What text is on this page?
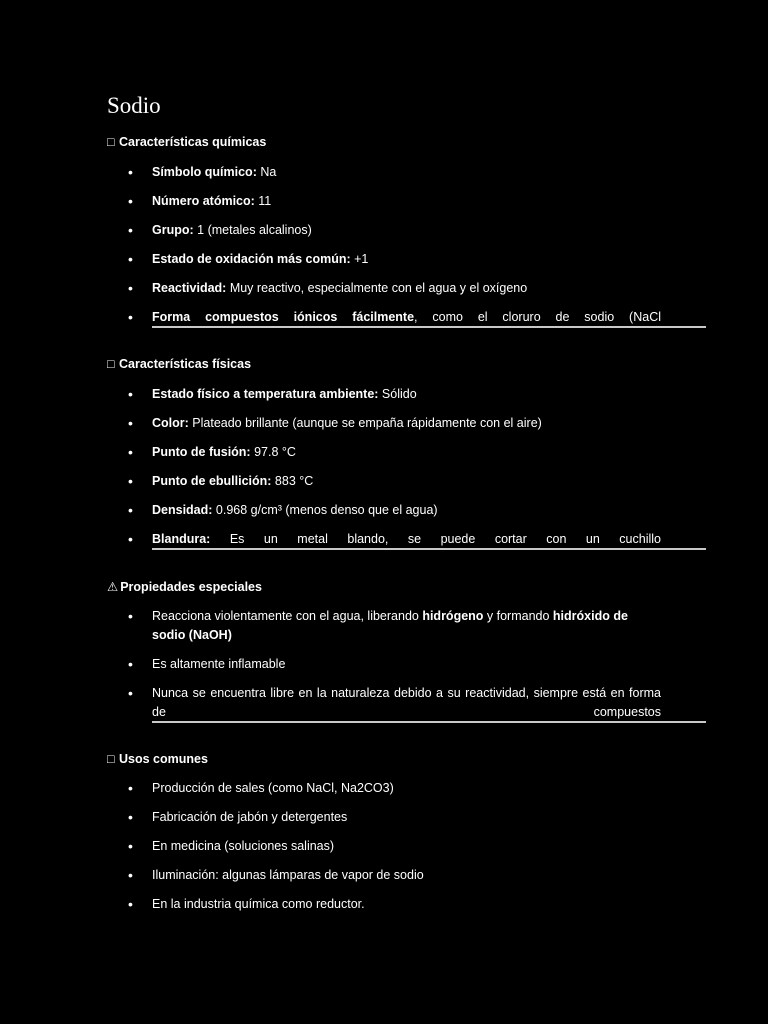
Sodio
□ Características químicas
• Símbolo químico: Na
• Número atómico: 11
• Grupo: 1 (metales alcalinos)
• Estado de oxidación más común: +1
• Reactividad: Muy reactivo, especialmente con el agua y el oxígeno
• Forma compuestos iónicos fácilmente, como el cloruro de sodio (NaCl
□ Características físicas
• Estado físico a temperatura ambiente: Sólido
• Color: Plateado brillante (aunque se empaña rápidamente con el aire)
• Punto de fusión: 97.8 °C
• Punto de ebullición: 883 °C
• Densidad: 0.968 g/cm³ (menos denso que el agua)
• Blandura: Es un metal blando, se puede cortar con un cuchillo
⚠ Propiedades especiales
• Reacciona violentamente con el agua, liberando hidrógeno y formando hidróxido de sodio (NaOH)
• Es altamente inflamable
• Nunca se encuentra libre en la naturaleza debido a su reactividad, siempre está en forma de compuestos
□ Usos comunes
• Producción de sales (como NaCl, Na2CO3)
• Fabricación de jabón y detergentes
• En medicina (soluciones salinas)
• Iluminación: algunas lámparas de vapor de sodio
• En la industria química como reductor.
